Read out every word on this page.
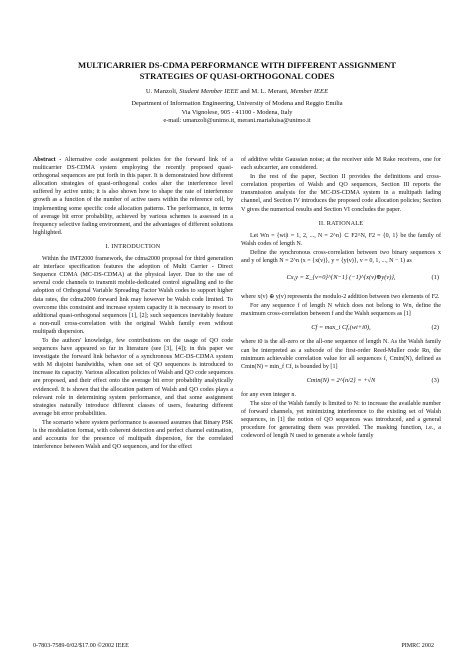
MULTICARRIER DS-CDMA PERFORMANCE WITH DIFFERENT ASSIGNMENT
STRATEGIES OF QUASI-ORTHOGONAL CODES
U. Manzoli, Student Member IEEE and M. L. Merani, Member IEEE
Department of Information Engineering, University of Modena and Reggio Emilia
Via Vignolese, 905 - 41100 - Modena, Italy
e-mail: umanzoli@unimo.it, merani.marialuisa@unimo.it

Abstract - Alternative code assignment policies for the forward link of a multicarrier DS-CDMA system employing the recently proposed quasi-orthogonal sequences are put forth in this paper. It is demonstrated how different allocation strategies of quasi-orthogonal codes alter the interference level suffered by active units; it is also shown how to shape the rate of interference growth as a function of the number of active users within the reference cell, by implementing some specific code allocation patterns. The performance, in terms of average bit error probability, achieved by various schemes is assessed in a frequency selective fading environment, and the advantages of different solutions highlighted.

I. INTRODUCTION

Within the IMT2000 framework, the cdma2000 proposal for third generation air interface specification features the adoption of Multi Carrier - Direct Sequence CDMA (MC-DS-CDMA) at the physical layer. Due to the use of several code channels to transmit mobile-dedicated control signalling and to the adoption of Orthogonal Variable Spreading Factor Walsh codes to support higher data rates, the cdma2000 forward link may however be Walsh code limited. To overcome this constraint and increase system capacity it is necessary to resort to additional quasi-orthogonal sequences [1], [2]; such sequences inevitably feature a non-null cross-correlation with the original Walsh family even without multipath dispersion.

To the authors' knowledge, few contributions on the usage of QO code sequences have appeared so far in literature (see [3], [4]); in this paper we investigate the forward link behavior of a synchronous MC-DS-CDMA system with M disjoint bandwidths, when one set of QO sequences is introduced to increase its capacity. Various allocation policies of Walsh and QO code sequences are proposed, and their effect onto the average bit error probability analytically evidenced. It is shown that the allocation pattern of Walsh and QO codes plays a relevant role in determining system performance, and that some assignment strategies naturally introduce different classes of users, featuring different average bit error probabilities.

The scenario where system performance is assessed assumes that Binary PSK is the modulation format, with coherent detection and perfect channel estimation, and accounts for the presence of multipath dispersion, for the correlated interference between Walsh and QO sequences, and for the effect

of additive white Gaussian noise; at the receiver side M Rake receivers, one for each subcarrier, are considered.

In the rest of the paper, Section II provides the definitions and cross-correlation properties of Walsh and QO sequences, Section III reports the transmission analysis for the MC-DS-CDMA system in a multipath fading channel, and Section IV introduces the proposed code allocation policies; Section V gives the numerical results and Section VI concludes the paper.

II. RATIONALE

Let Wn = {wi|i = 1, 2, ..., N = 2^n} ⊂ F2^N, F2 = {0, 1} be the family of Walsh codes of length N.

Define the synchronous cross-correlation between two binary sequences x and y of length N = 2^n (x = {x(v)}, y = {y(v)}, v = 0, 1, ..., N − 1) as

Cx,y = Σ_{v=0}^{N−1} (−1)^{x(v)⊕y(v)},	(1)

where x(v) ⊕ y(v) represents the modulo-2 addition between two elements of F2.

For any sequence f of length N which does not belong to Wn, define the maximum cross-correlation between f and the Walsh sequences as [1]

Cf = max_i Cf,(wi+i0),	(2)

where i0 is the all-zero or the all-one sequence of length N. As the Walsh family can be interpreted as a subcode of the first-order Reed-Muller code Rn, the minimum achievable correlation value for all sequences f, Cmin(N), defined as Cmin(N) = min_f Cf, is bounded by [1]

Cmin(N) = 2^{n/2} = +√N	(3)

for any even integer n.

The size of the Walsh family is limited to N: to increase the available number of forward channels, yet minimizing interference to the existing set of Walsh sequences, in [1] the notion of QO sequences was introduced, and a general procedure for generating them was provided. The masking function, i.e., a codeword of length N used to generate a whole family

0-7803-7589-0/02/$17.00 ©2002 IEEE	PIMRC 2002
